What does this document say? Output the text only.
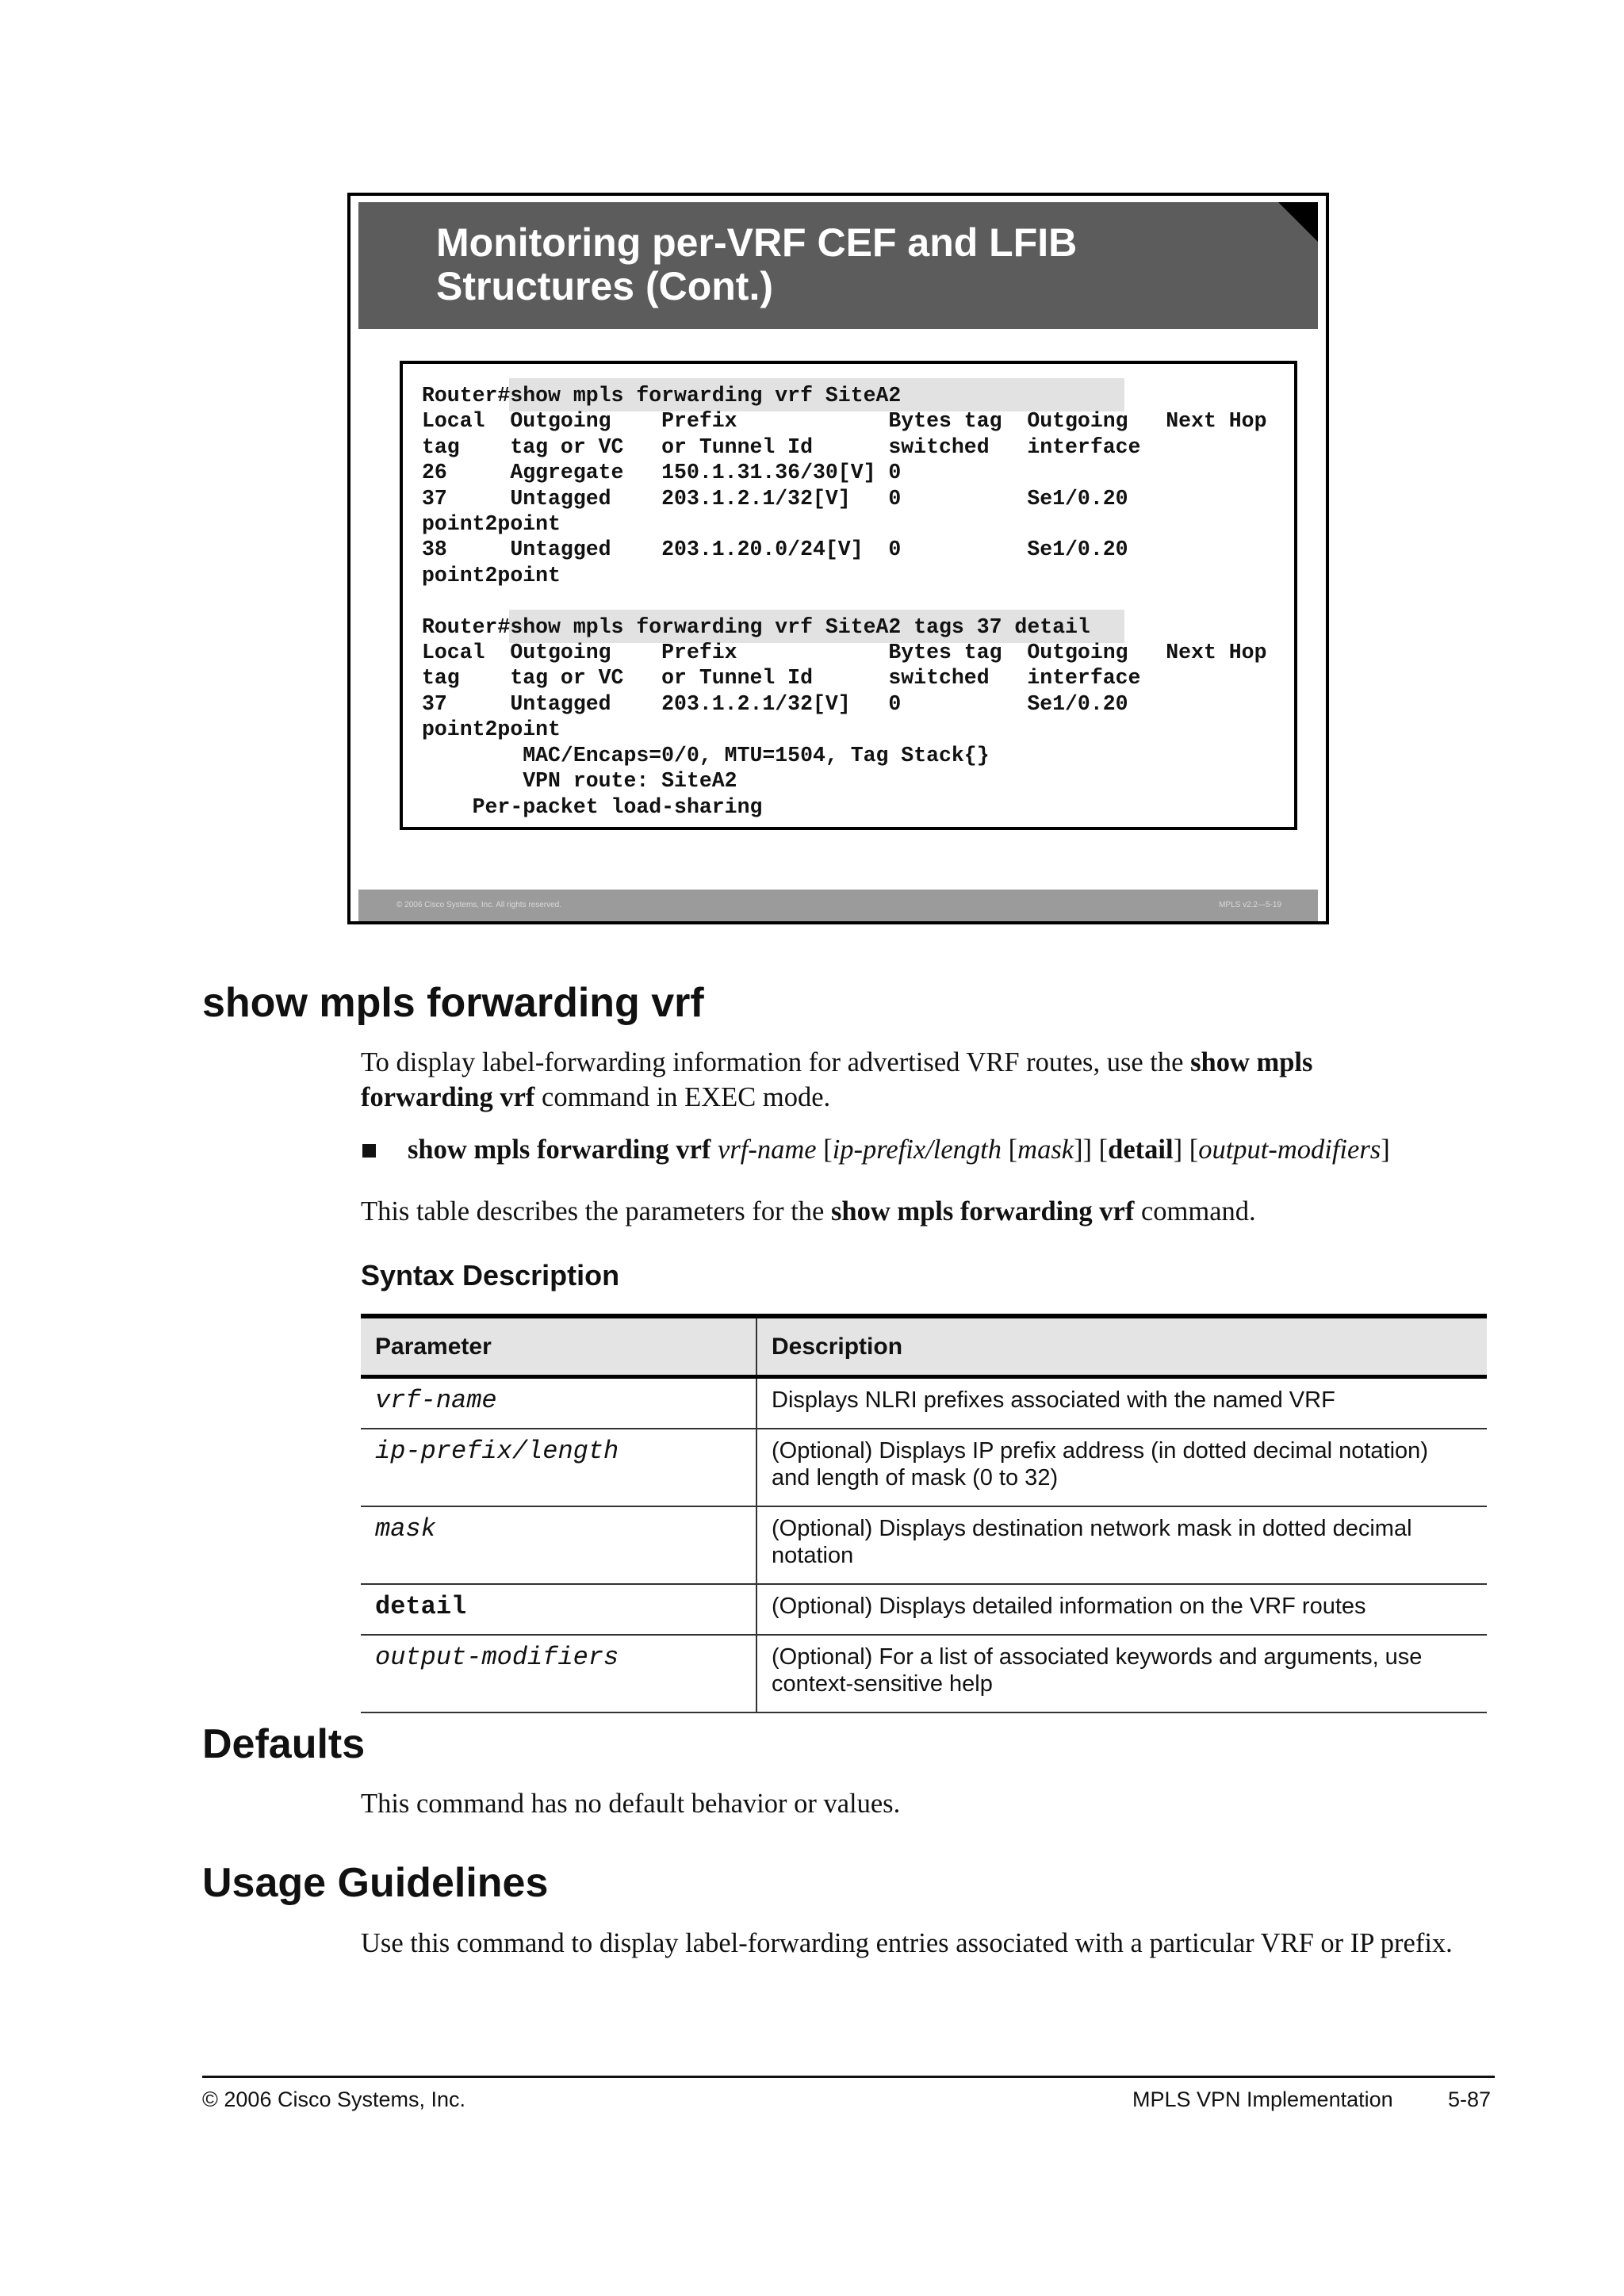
Monitoring per-VRF CEF and LFIB
Structures (Cont.)
Router#show mpls forwarding vrf SiteA2
Local  Outgoing    Prefix            Bytes tag  Outgoing   Next Hop
tag    tag or VC   or Tunnel Id      switched   interface
26     Aggregate   150.1.31.36/30[V] 0
37     Untagged    203.1.2.1/32[V]   0          Se1/0.20
point2point
38     Untagged    203.1.20.0/24[V]  0          Se1/0.20
point2point

Router#show mpls forwarding vrf SiteA2 tags 37 detail
Local  Outgoing    Prefix            Bytes tag  Outgoing   Next Hop
tag    tag or VC   or Tunnel Id      switched   interface
37     Untagged    203.1.2.1/32[V]   0          Se1/0.20
point2point
MAC/Encaps=0/0, MTU=1504, Tag Stack{}
VPN route: SiteA2
Per-packet load-sharing
© 2006 Cisco Systems, Inc. All rights reserved.	MPLS v2.2—5-19
show mpls forwarding vrf

To display label-forwarding information for advertised VRF routes, use the show mpls
forwarding vrf command in EXEC mode.

show mpls forwarding vrf vrf-name [ip-prefix/length [mask]] [detail] [output-modifiers]

This table describes the parameters for the show mpls forwarding vrf command.

Syntax Description
Parameter	Description
vrf-name	Displays NLRI prefixes associated with the named VRF
ip-prefix/length	(Optional) Displays IP prefix address (in dotted decimal notation) and length of mask (0 to 32)
mask	(Optional) Displays destination network mask in dotted decimal notation
detail	(Optional) Displays detailed information on the VRF routes
output-modifiers	(Optional) For a list of associated keywords and arguments, use context-sensitive help
Defaults

This command has no default behavior or values.

Usage Guidelines

Use this command to display label-forwarding entries associated with a particular VRF or IP prefix.

© 2006 Cisco Systems, Inc.	MPLS VPN Implementation	5-87
